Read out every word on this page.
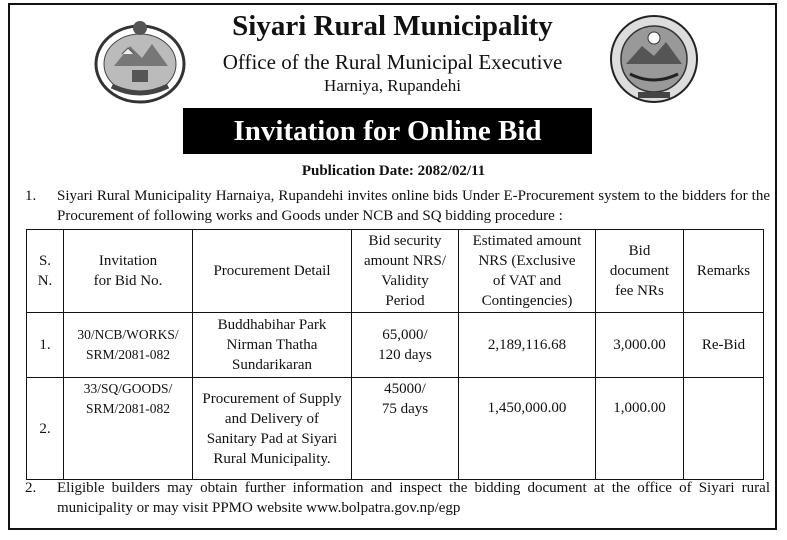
Siyari Rural Municipality
Office of the Rural Municipal Executive
Harniya, Rupandehi
Invitation for Online Bid
Publication Date: 2082/02/11
1. Siyari Rural Municipality Harnaiya, Rupandehi invites online bids Under E-Procurement system to the bidders for the Procurement of following works and Goods under NCB and SQ bidding procedure :
S.
N.	Invitation
for Bid No.	Procurement Detail	Bid security
amount NRS/
Validity
Period	Estimated amount
NRS (Exclusive
of VAT and
Contingencies)	Bid
document
fee NRs	Remarks
1.	30/NCB/WORKS/
SRM/2081-082	Buddhabihar Park
Nirman Thatha
Sundarikaran	65,000/
120 days	2,189,116.68	3,000.00	Re-Bid
2.	33/SQ/GOODS/
SRM/2081-082	Procurement of Supply
and Delivery of
Sanitary Pad at Siyari
Rural Municipality.	45000/
75 days	1,450,000.00	1,000.00	
2. Eligible builders may obtain further information and inspect the bidding document at the office of Siyari rural municipality or may visit PPMO website www.bolpatra.gov.np/egp
